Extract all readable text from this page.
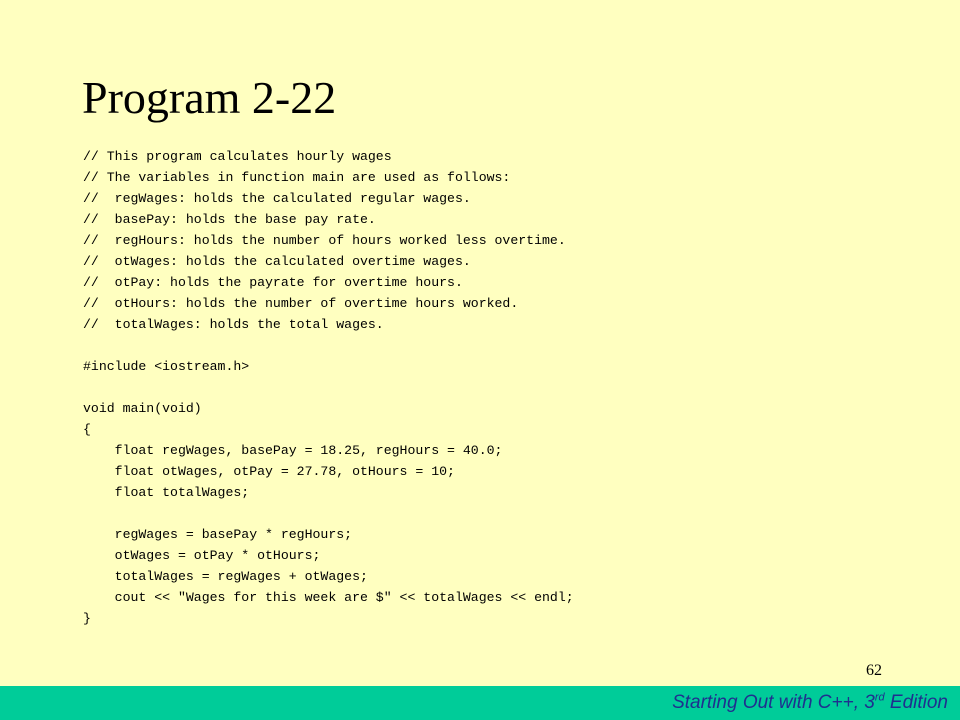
Program 2-22
// This program calculates hourly wages
// The variables in function main are used as follows:
//  regWages: holds the calculated regular wages.
//  basePay: holds the base pay rate.
//  regHours: holds the number of hours worked less overtime.
//  otWages: holds the calculated overtime wages.
//  otPay: holds the payrate for overtime hours.
//  otHours: holds the number of overtime hours worked.
//  totalWages: holds the total wages.
#include <iostream.h>
void main(void)
{
float regWages, basePay = 18.25, regHours = 40.0;
float otWages, otPay = 27.78, otHours = 10;
float totalWages;
regWages = basePay * regHours;
otWages = otPay * otHours;
totalWages = regWages + otWages;
cout << "Wages for this week are $" << totalWages << endl;
}
62
Starting Out with C++, 3rd Edition
